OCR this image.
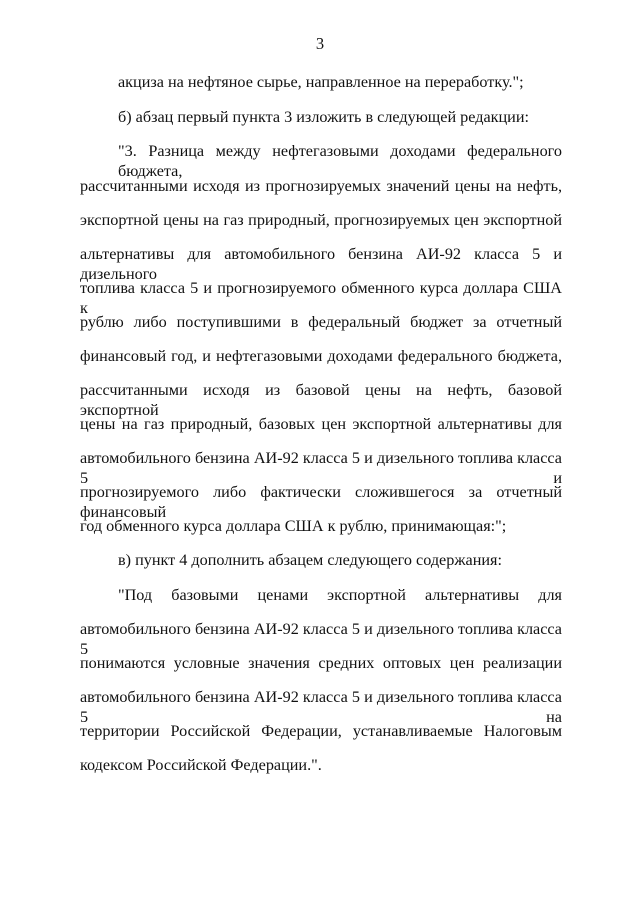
3
акциза на нефтяное сырье, направленное на переработку.";
б) абзац первый пункта 3 изложить в следующей редакции:
"3. Разница между нефтегазовыми доходами федерального бюджета,
рассчитанными исходя из прогнозируемых значений цены на нефть,
экспортной цены на газ природный, прогнозируемых цен экспортной
альтернативы для автомобильного бензина АИ-92 класса 5 и дизельного
топлива класса 5 и прогнозируемого обменного курса доллара США к
рублю либо поступившими в федеральный бюджет за отчетный
финансовый год, и нефтегазовыми доходами федерального бюджета,
рассчитанными исходя из базовой цены на нефть, базовой экспортной
цены на газ природный, базовых цен экспортной альтернативы для
автомобильного бензина АИ-92 класса 5 и дизельного топлива класса 5 и
прогнозируемого либо фактически сложившегося за отчетный финансовый
год обменного курса доллара США к рублю, принимающая:";
в) пункт 4 дополнить абзацем следующего содержания:
"Под базовыми ценами экспортной альтернативы для
автомобильного бензина АИ-92 класса 5 и дизельного топлива класса 5
понимаются условные значения средних оптовых цен реализации
автомобильного бензина АИ-92 класса 5 и дизельного топлива класса 5 на
территории Российской Федерации, устанавливаемые Налоговым
кодексом Российской Федерации.".
